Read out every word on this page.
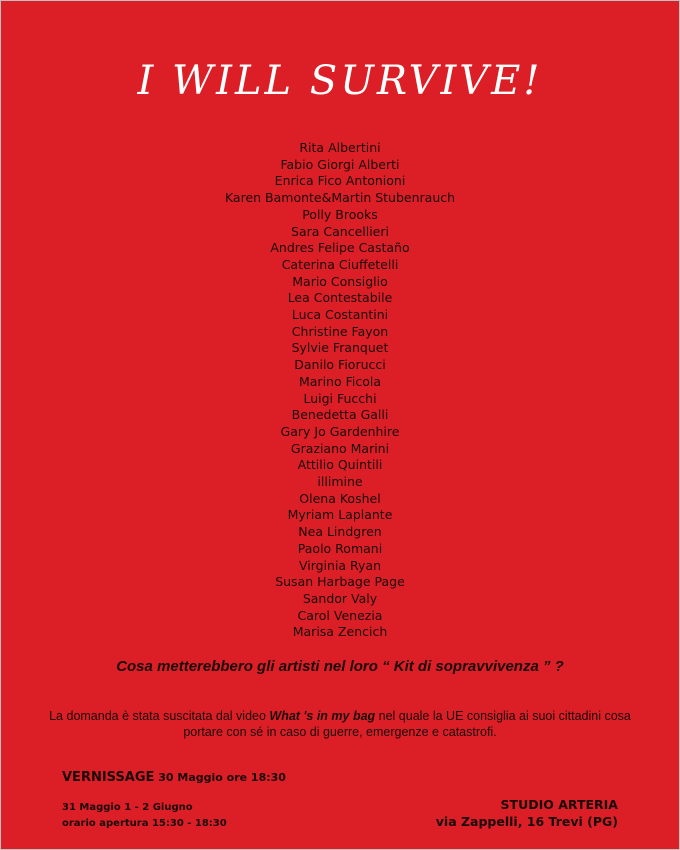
I WILL SURVIVE!
Rita Albertini
Fabio Giorgi Alberti
Enrica Fico Antonioni
Karen Bamonte&Martin Stubenrauch
Polly Brooks
Sara Cancellieri
Andres Felipe Castaño
Caterina Ciuffetelli
Mario Consiglio
Lea Contestabile
Luca Costantini
Christine Fayon
Sylvie Franquet
Danilo Fiorucci
Marino Ficola
Luigi Fucchi
Benedetta Galli
Gary Jo Gardenhire
Graziano Marini
Attilio Quintili
illimine
Olena Koshel
Myriam Laplante
Nea Lindgren
Paolo Romani
Virginia Ryan
Susan Harbage Page
Sandor Valy
Carol Venezia
Marisa Zencich
Cosa metterebbero gli artisti nel loro “ Kit di sopravvivenza ” ?
La domanda è stata suscitata dal video What 's in my bag nel quale la UE consiglia ai suoi cittadini cosa portare con sé in caso di guerre, emergenze e catastrofi.
VERNISSAGE 30 Maggio ore 18:30
31 Maggio 1 - 2 Giugno
orario apertura 15:30 - 18:30
STUDIO ARTERIA
via Zappelli, 16 Trevi (PG)
